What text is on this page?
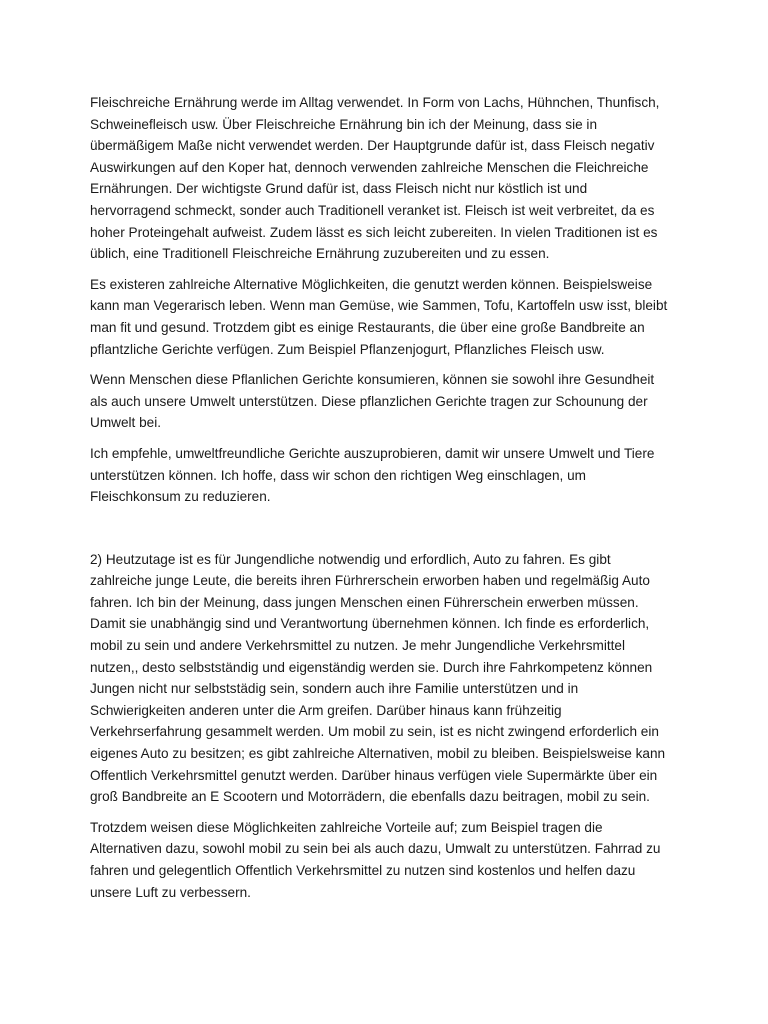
Fleischreiche Ernährung werde im Alltag verwendet. In Form von Lachs, Hühnchen, Thunfisch,
Schweinefleisch usw. Über Fleischreiche Ernährung bin ich der Meinung, dass sie in
übermäßigem Maße nicht verwendet werden. Der Hauptgrunde dafür ist, dass Fleisch negativ
Auswirkungen auf den Koper hat, dennoch verwenden zahlreiche Menschen die Fleichreiche
Ernährungen. Der wichtigste Grund dafür ist, dass Fleisch nicht nur köstlich ist und
hervorragend schmeckt, sonder auch Traditionell veranket ist. Fleisch ist weit verbreitet, da es
hoher Proteingehalt aufweist. Zudem lässt es sich leicht zubereiten. In vielen Traditionen ist es
üblich, eine Traditionell Fleischreiche Ernährung zuzubereiten und zu essen.

Es existeren zahlreiche Alternative Möglichkeiten, die genutzt werden können. Beispielsweise
kann man Vegerarisch leben. Wenn man Gemüse, wie Sammen, Tofu, Kartoffeln usw isst, bleibt
man fit und gesund. Trotzdem gibt es einige Restaurants, die über eine große Bandbreite an
pflantzliche Gerichte verfügen. Zum Beispiel Pflanzenjogurt, Pflanzliches Fleisch usw.

Wenn Menschen diese Pflanlichen Gerichte konsumieren, können sie sowohl ihre Gesundheit
als auch unsere Umwelt unterstützen. Diese pflanzlichen Gerichte tragen zur Schounung der
Umwelt bei.

Ich empfehle, umweltfreundliche Gerichte auszuprobieren, damit wir unsere Umwelt und Tiere
unterstützen können. Ich hoffe, dass wir schon den richtigen Weg einschlagen, um
Fleischkonsum zu reduzieren.

2) Heutzutage ist es für Jungendliche notwendig und erfordlich, Auto zu fahren. Es gibt
zahlreiche junge Leute, die bereits ihren Fürhrerschein erworben haben und regelmäßig Auto
fahren. Ich bin der Meinung, dass jungen Menschen einen Führerschein erwerben müssen.
Damit sie unabhängig sind und Verantwortung übernehmen können. Ich finde es erforderlich,
mobil zu sein und andere Verkehrsmittel zu nutzen. Je mehr Jungendliche Verkehrsmittel
nutzen,, desto selbstständig und eigenständig werden sie. Durch ihre Fahrkompetenz können
Jungen nicht nur selbststädig sein, sondern auch ihre Familie unterstützen und in
Schwierigkeiten anderen unter die Arm greifen. Darüber hinaus kann frühzeitig
Verkehrserfahrung gesammelt werden. Um mobil zu sein, ist es nicht zwingend erforderlich ein
eigenes Auto zu besitzen; es gibt zahlreiche Alternativen, mobil zu bleiben. Beispielsweise kann
Offentlich Verkehrsmittel genutzt werden. Darüber hinaus verfügen viele Supermärkte über ein
groß Bandbreite an E Scootern und Motorrädern, die ebenfalls dazu beitragen, mobil zu sein.

Trotzdem weisen diese Möglichkeiten zahlreiche Vorteile auf; zum Beispiel tragen die
Alternativen dazu, sowohl mobil zu sein bei als auch dazu, Umwalt zu unterstützen. Fahrrad zu
fahren und gelegentlich Offentlich Verkehrsmittel zu nutzen sind kostenlos und helfen dazu
unsere Luft zu verbessern.
